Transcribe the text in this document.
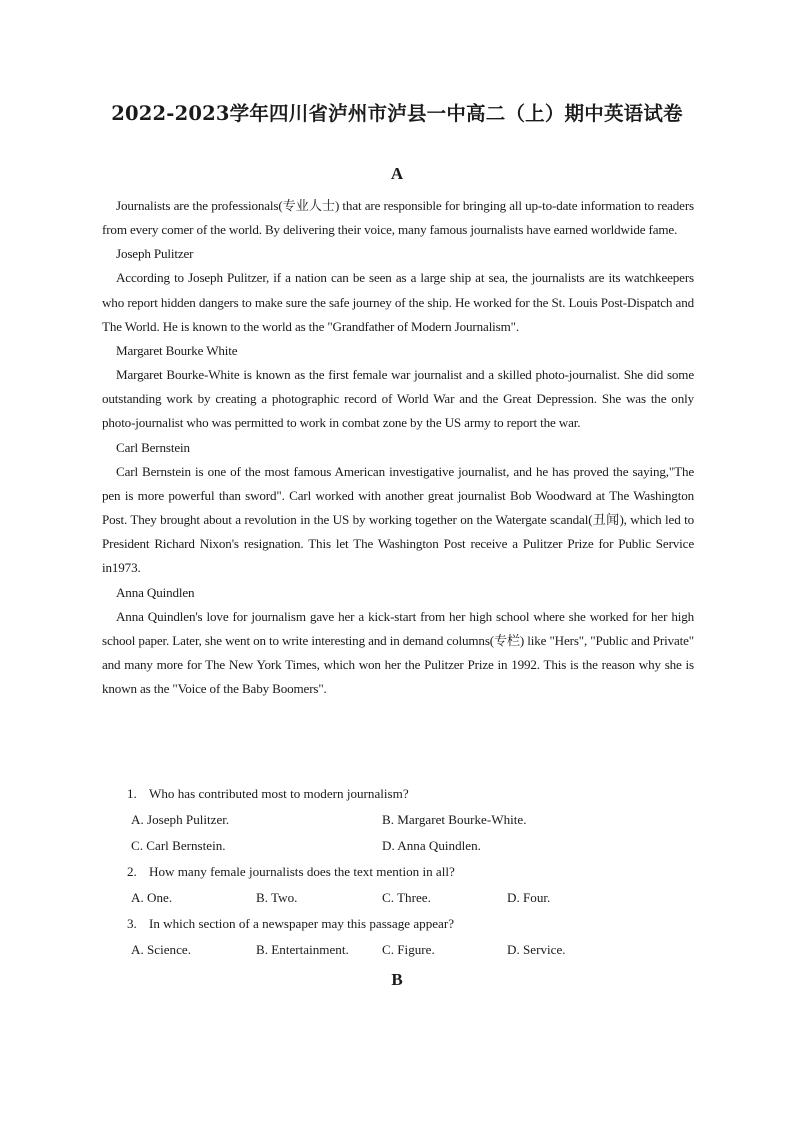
2022-2023学年四川省泸州市泸县一中高二（上）期中英语试卷
A

Journalists are the professionals(专业人士) that are responsible for bringing all up-to-date information to readers from every comer of the world. By delivering their voice, many famous journalists have earned worldwide fame.

Joseph Pulitzer

According to Joseph Pulitzer, if a nation can be seen as a large ship at sea, the journalists are its watchkeepers who report hidden dangers to make sure the safe journey of the ship. He worked for the St. Louis Post-Dispatch and The World. He is known to the world as the "Grandfather of Modern Journalism".

Margaret Bourke White

Margaret Bourke-White is known as the first female war journalist and a skilled photo-journalist. She did some outstanding work by creating a photographic record of World War and the Great Depression. She was the only photo-journalist who was permitted to work in combat zone by the US army to report the war.

Carl Bernstein

Carl Bernstein is one of the most famous American investigative journalist, and he has proved the saying,"The pen is more powerful than sword". Carl worked with another great journalist Bob Woodward at The Washington Post. They brought about a revolution in the US by working together on the Watergate scandal(丑闻), which led to President Richard Nixon's resignation. This let The Washington Post receive a Pulitzer Prize for Public Service in1973.

Anna Quindlen

Anna Quindlen's love for journalism gave her a kick-start from her high school where she worked for her high school paper. Later, she went on to write interesting and in demand columns(专栏) like "Hers", "Public and Private" and many more for The New York Times, which won her the Pulitzer Prize in 1992. This is the reason why she is known as the "Voice of the Baby Boomers".

1. Who has contributed most to modern journalism?
A. Joseph Pulitzer.	B. Margaret Bourke-White.
C. Carl Bernstein.	D. Anna Quindlen.
2. How many female journalists does the text mention in all?
A. One.	B. Two.	C. Three.	D. Four.
3. In which section of a newspaper may this passage appear?
A. Science.	B. Entertainment.	C. Figure.	D. Service.
B
